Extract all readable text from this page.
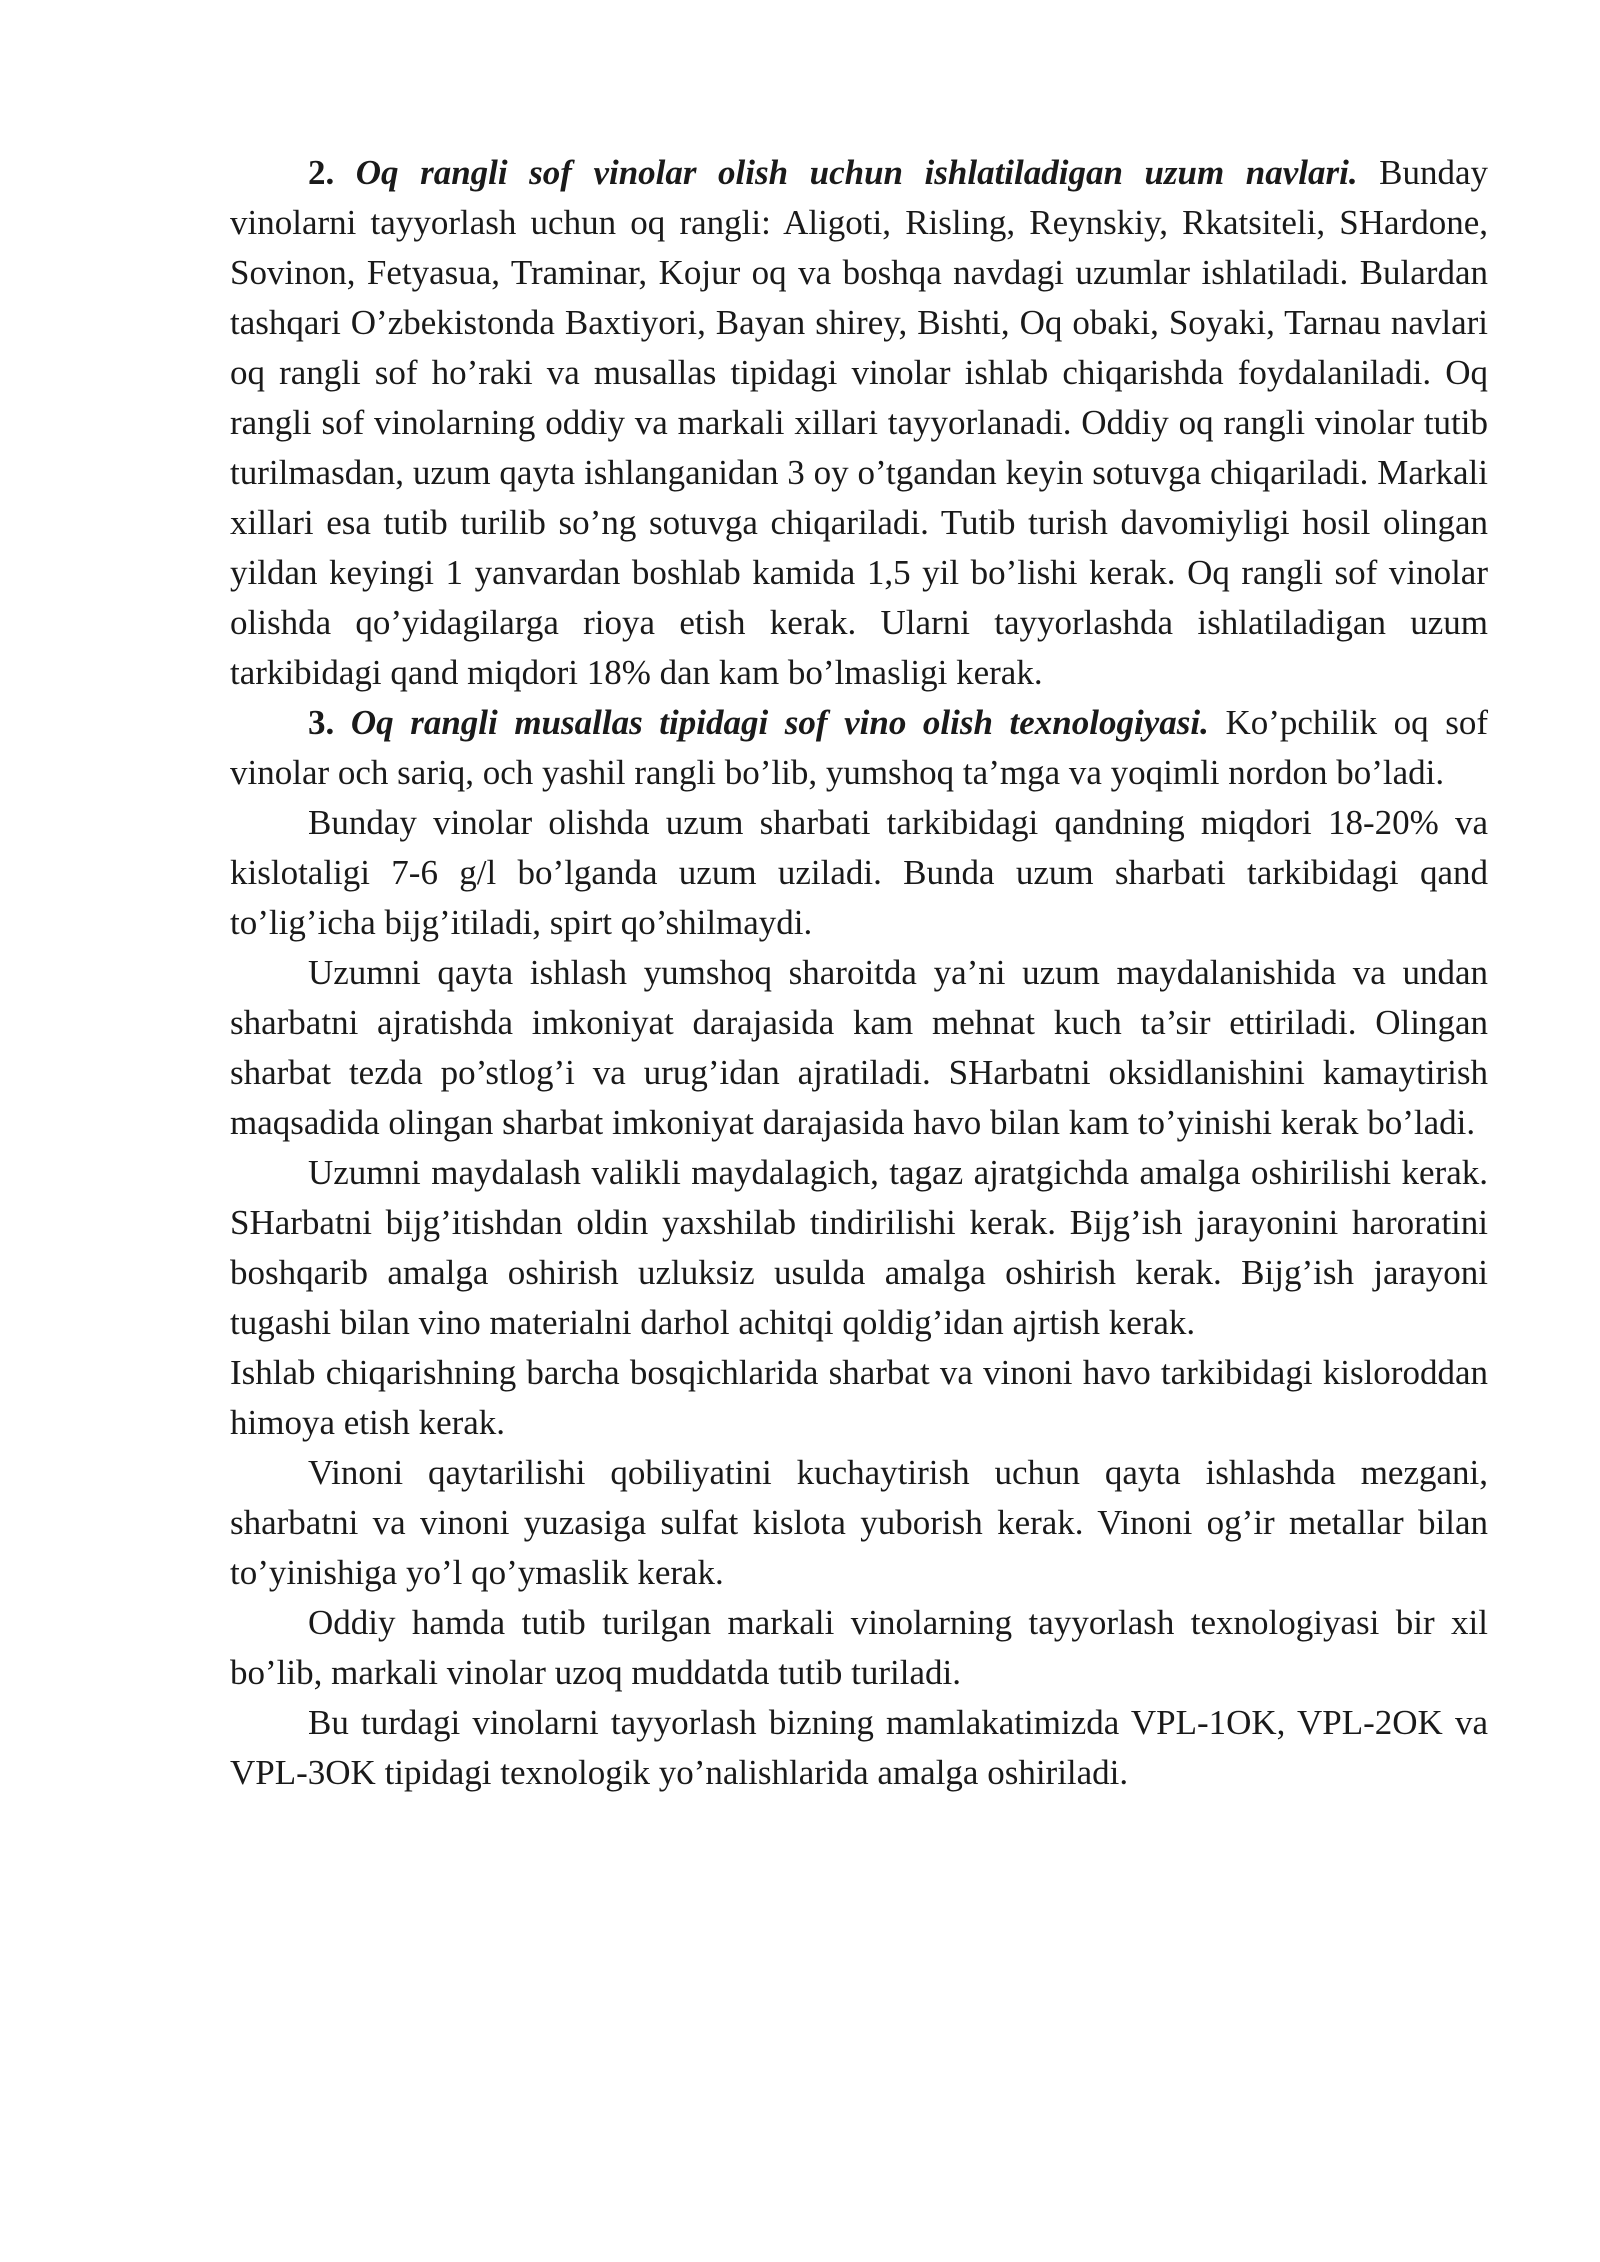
2. Oq rangli sof vinolar olish uchun ishlatiladigan uzum navlari. Bunday vinolarni tayyorlash uchun oq rangli: Aligoti, Risling, Reynskiy, Rkatsiteli, SHardone, Sovinon, Fetyasua, Traminar, Kojur oq va boshqa navdagi uzumlar ishlatiladi. Bulardan tashqari O’zbekistonda Baxtiyori, Bayan shirey, Bishti, Oq obaki, Soyaki, Tarnau navlari oq rangli sof ho’raki va musallas tipidagi vinolar ishlab chiqarishda foydalaniladi. Oq rangli sof vinolarning oddiy va markali xillari tayyorlanadi. Oddiy oq rangli vinolar tutib turilmasdan, uzum qayta ishlanganidan 3 oy o’tgandan keyin sotuvga chiqariladi. Markali xillari esa tutib turilib so’ng sotuvga chiqariladi. Tutib turish davomiyligi hosil olingan yildan keyingi 1 yanvardan boshlab kamida 1,5 yil bo’lishi kerak. Oq rangli sof vinolar olishda qo’yidagilarga rioya etish kerak. Ularni tayyorlashda ishlatiladigan uzum tarkibidagi qand miqdori 18% dan kam bo’lmasligi kerak.

3. Oq rangli musallas tipidagi sof vino olish texnologiyasi. Ko’pchilik oq sof vinolar och sariq, och yashil rangli bo’lib, yumshoq ta’mga va yoqimli nordon bo’ladi.

Bunday vinolar olishda uzum sharbati tarkibidagi qandning miqdori 18-20% va kislotaligi 7-6 g/l bo’lganda uzum uziladi. Bunda uzum sharbati tarkibidagi qand to’lig’icha bijg’itiladi, spirt qo’shilmaydi.

Uzumni qayta ishlash yumshoq sharoitda ya’ni uzum maydalanishida va undan sharbatni ajratishda imkoniyat darajasida kam mehnat kuch ta’sir ettiriladi. Olingan sharbat tezda po’stlog’i va urug’idan ajratiladi. SHarbatni oksidlanishini kamaytirish maqsadida olingan sharbat imkoniyat darajasida havo bilan kam to’yinishi kerak bo’ladi.

Uzumni maydalash valikli maydalagich, tagaz ajratgichda amalga oshirilishi kerak. SHarbatni bijg’itishdan oldin yaxshilab tindirilishi kerak. Bijg’ish jarayonini haroratini boshqarib amalga oshirish uzluksiz usulda amalga oshirish kerak. Bijg’ish jarayoni tugashi bilan vino materialni darhol achitqi qoldig’idan ajrtish kerak.

Ishlab chiqarishning barcha bosqichlarida sharbat va vinoni havo tarkibidagi kisloroddan himoya etish kerak.

Vinoni qaytarilishi qobiliyatini kuchaytirish uchun qayta ishlashda mezgani, sharbatni va vinoni yuzasiga sulfat kislota yuborish kerak. Vinoni og’ir metallar bilan to’yinishiga yo’l qo’ymaslik kerak.

Oddiy hamda tutib turilgan markali vinolarning tayyorlash texnologiyasi bir xil bo’lib, markali vinolar uzoq muddatda tutib turiladi.

Bu turdagi vinolarni tayyorlash bizning mamlakatimizda VPL-1OK, VPL-2OK va VPL-3OK tipidagi texnologik yo’nalishlarida amalga oshiriladi.
